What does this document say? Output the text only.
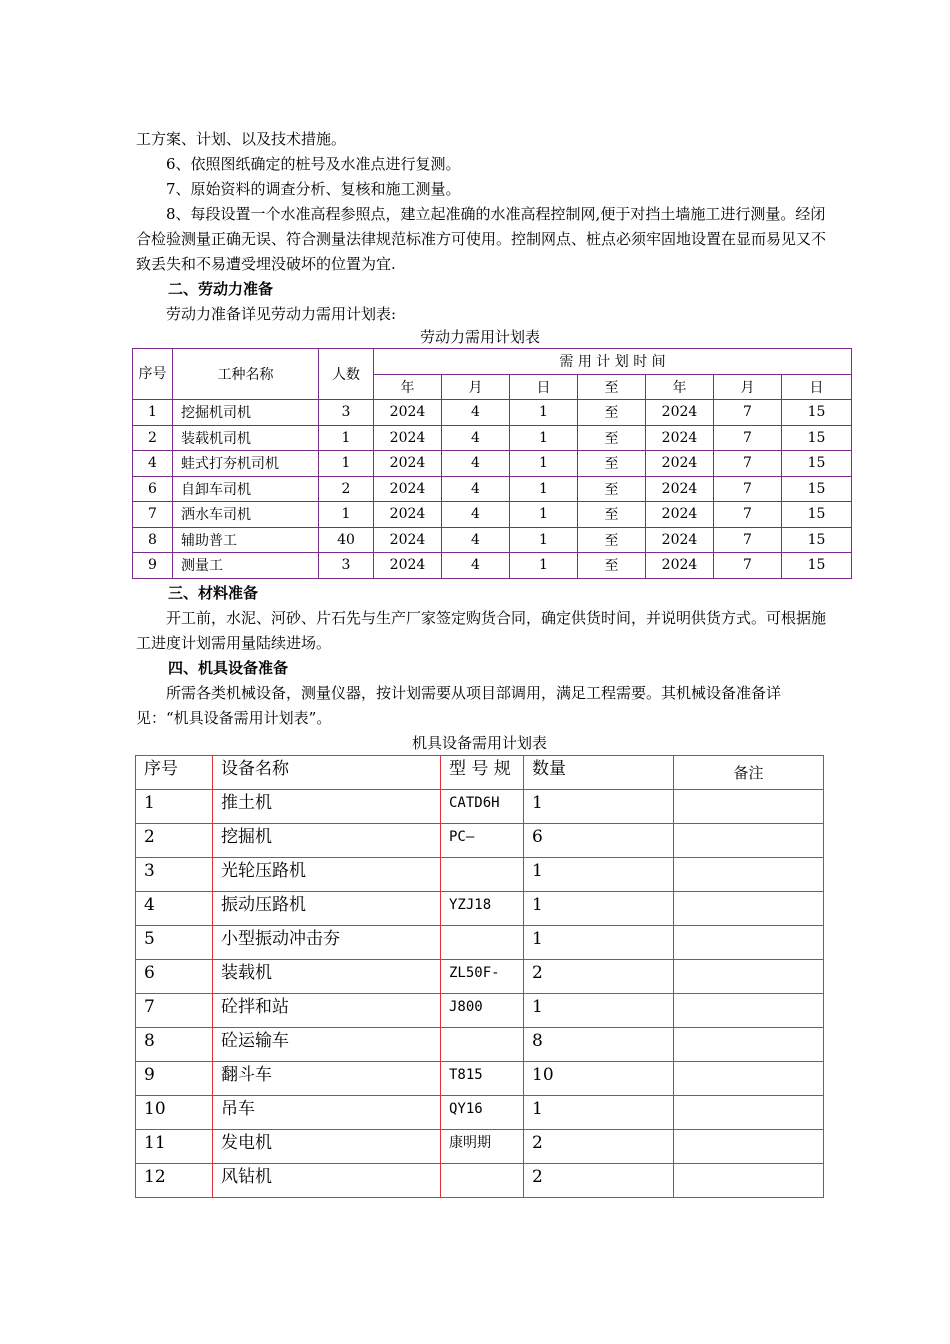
工方案、计划、以及技术措施。
6、依照图纸确定的桩号及水准点进行复测。
7、原始资料的调查分析、复核和施工测量。
8、每段设置一个水准高程参照点，建立起准确的水准高程控制网,便于对挡土墙施工进行测量。经闭合检验测量正确无误、符合测量法律规范标准方可使用。控制网点、桩点必须牢固地设置在显而易见又不致丢失和不易遭受埋没破坏的位置为宜.
二、劳动力准备
劳动力准备详见劳动力需用计划表:
劳动力需用计划表
序号	工种名称	人数	需 用 计 划 时 间						
			年	月	日	至	年	月	日
1	挖掘机司机	3	2024	4	1	至	2024	7	15
2	装载机司机	1	2024	4	1	至	2024	7	15
4	蛙式打夯机司机	1	2024	4	1	至	2024	7	15
6	自卸车司机	2	2024	4	1	至	2024	7	15
7	洒水车司机	1	2024	4	1	至	2024	7	15
8	辅助普工	40	2024	4	1	至	2024	7	15
9	测量工	3	2024	4	1	至	2024	7	15
三、材料准备
开工前，水泥、河砂、片石先与生产厂家签定购货合同，确定供货时间，并说明供货方式。可根据施工进度计划需用量陆续进场。
四、机具设备准备
所需各类机械设备，测量仪器，按计划需要从项目部调用，满足工程需要。其机械设备准备详见：“机具设备需用计划表”。
机具设备需用计划表
序号	设备名称	型 号 规	数量	备注
1	推土机	CATD6H	1	
2	挖掘机	PC—	6	
3	光轮压路机		1	
4	振动压路机	YZJ18	1	
5	小型振动冲击夯		1	
6	装载机	ZL50F-	2	
7	砼拌和站	J800	1	
8	砼运输车		8	
9	翻斗车	T815	10	
10	吊车	QY16	1	
11	发电机	康明期	2	
12	风钻机		2	
